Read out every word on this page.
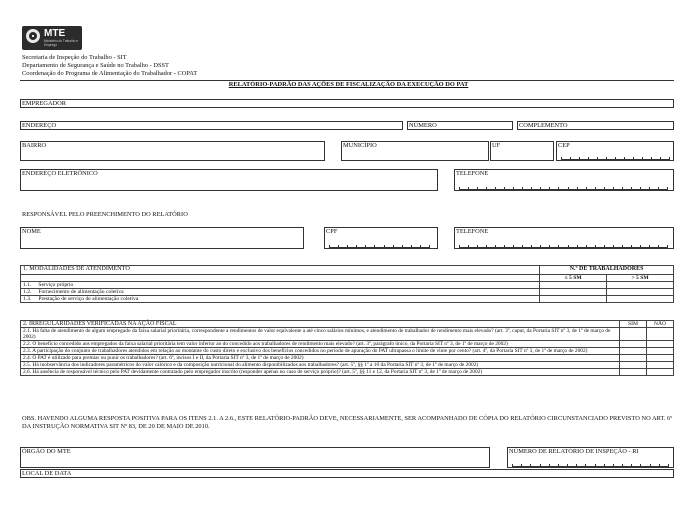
MTE
Ministério do Trabalho e Emprego
Secretaria de Inspeção do Trabalho - SIT
Departamento de Segurança e Saúde no Trabalho - DSST
Coordenação do Programa de Alimentação do Trabalhador - COPAT
RELATÓRIO-PADRÃO DAS AÇÕES DE FISCALIZAÇÃO DA EXECUÇÃO DO PAT
EMPREGADOR
ENDEREÇO	NÚMERO	COMPLEMENTO
BAIRRO	MUNICÍPIO	UF	CEP
ENDEREÇO ELETRÔNICO	TELEFONE
RESPONSÁVEL PELO PREENCHIMENTO DO RELATÓRIO
NOME	CPF	TELEFONE
1. MODALIDADES DE ATENDIMENTO	N.º DE TRABALHADORES	
	≤ 5 SM	> 5 SM
1.1. Serviço próprio		
1.2. Fornecimento de alimentação coletiva		
1.3. Prestação de serviço de alimentação coletiva		
2. IRREGULARIDADES VERIFICADAS NA AÇÃO FISCAL	SIM	NÃO
2.1. Há falta de atendimento de algum empregado da faixa salarial prioritária, correspondente a rendimentos de valor equivalente a até cinco salários mínimos, e atendimento de trabalhador de rendimento mais elevado? (art. 3º, caput, da Portaria SIT nº 3, de 1º de março de 2002)		
2.2. O benefício concedido aos empregados da faixa salarial prioritária tem valor inferior ao do concedido aos trabalhadores de rendimento mais elevado? (art. 3º, parágrafo único, da Portaria SIT nº 3, de 1º de março de 2002)		
2.3. A participação do conjunto de trabalhadores atendidos em relação ao montante do custo direto e exclusivo dos benefícios concedidos no período de apuração do PAT ultrapassa o limite de vinte por cento? (art. 4º, da Portaria SIT nº 3, de 1º de março de 2002)		
2.4. O PAT é utilizado para premiar ou punir os trabalhadores? (art. 6º, incisos I e II, da Portaria SIT nº 3, de 1º de março de 2002)		
2.5. Há inobservância dos indicadores paramétricos do valor calórico e da composição nutricional do alimento disponibilizados aos trabalhadores? (art. 5º, §§ 1º a 10 da Portaria SIT nº 3, de 1º de março de 2002)		
2.6. Há ausência de responsável técnico pelo PAT devidamente contratado pelo empregador inscrito (responder apenas no caso de serviço próprio)? (art. 5º, §§ 11 e 12, da Portaria SIT nº 3, de 1º de março de 2002)		
OBS. HAVENDO ALGUMA RESPOSTA POSITIVA PARA OS ITENS 2.1. A 2.6., ESTE RELATÓRIO-PADRÃO DEVE, NECESSARIAMENTE, SER ACOMPANHADO DE CÓPIA DO RELATÓRIO CIRCUNSTANCIADO PREVISTO NO ART. 6º DA INSTRUÇÃO NORMATIVA SIT Nº 83, DE 20 DE MAIO DE 2010.
ÓRGÃO DO MTE	NÚMERO DE RELATÓRIO DE INSPEÇÃO - RI
LOCAL DE DATA
